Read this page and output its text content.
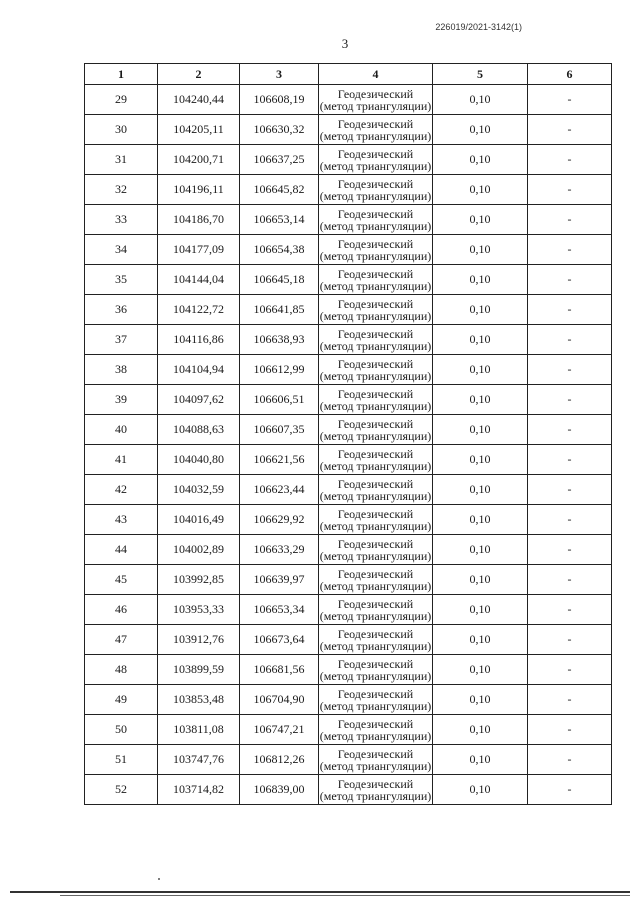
226019/2021-3142(1)
3
1	2	3	4	5	6
29	104240,44	106608,19	Геодезический
(метод триангуляции)	0,10	-
30	104205,11	106630,32	Геодезический
(метод триангуляции)	0,10	-
31	104200,71	106637,25	Геодезический
(метод триангуляции)	0,10	-
32	104196,11	106645,82	Геодезический
(метод триангуляции)	0,10	-
33	104186,70	106653,14	Геодезический
(метод триангуляции)	0,10	-
34	104177,09	106654,38	Геодезический
(метод триангуляции)	0,10	-
35	104144,04	106645,18	Геодезический
(метод триангуляции)	0,10	-
36	104122,72	106641,85	Геодезический
(метод триангуляции)	0,10	-
37	104116,86	106638,93	Геодезический
(метод триангуляции)	0,10	-
38	104104,94	106612,99	Геодезический
(метод триангуляции)	0,10	-
39	104097,62	106606,51	Геодезический
(метод триангуляции)	0,10	-
40	104088,63	106607,35	Геодезический
(метод триангуляции)	0,10	-
41	104040,80	106621,56	Геодезический
(метод триангуляции)	0,10	-
42	104032,59	106623,44	Геодезический
(метод триангуляции)	0,10	-
43	104016,49	106629,92	Геодезический
(метод триангуляции)	0,10	-
44	104002,89	106633,29	Геодезический
(метод триангуляции)	0,10	-
45	103992,85	106639,97	Геодезический
(метод триангуляции)	0,10	-
46	103953,33	106653,34	Геодезический
(метод триангуляции)	0,10	-
47	103912,76	106673,64	Геодезический
(метод триангуляции)	0,10	-
48	103899,59	106681,56	Геодезический
(метод триангуляции)	0,10	-
49	103853,48	106704,90	Геодезический
(метод триангуляции)	0,10	-
50	103811,08	106747,21	Геодезический
(метод триангуляции)	0,10	-
51	103747,76	106812,26	Геодезический
(метод триангуляции)	0,10	-
52	103714,82	106839,00	Геодезический
(метод триангуляции)	0,10	-
